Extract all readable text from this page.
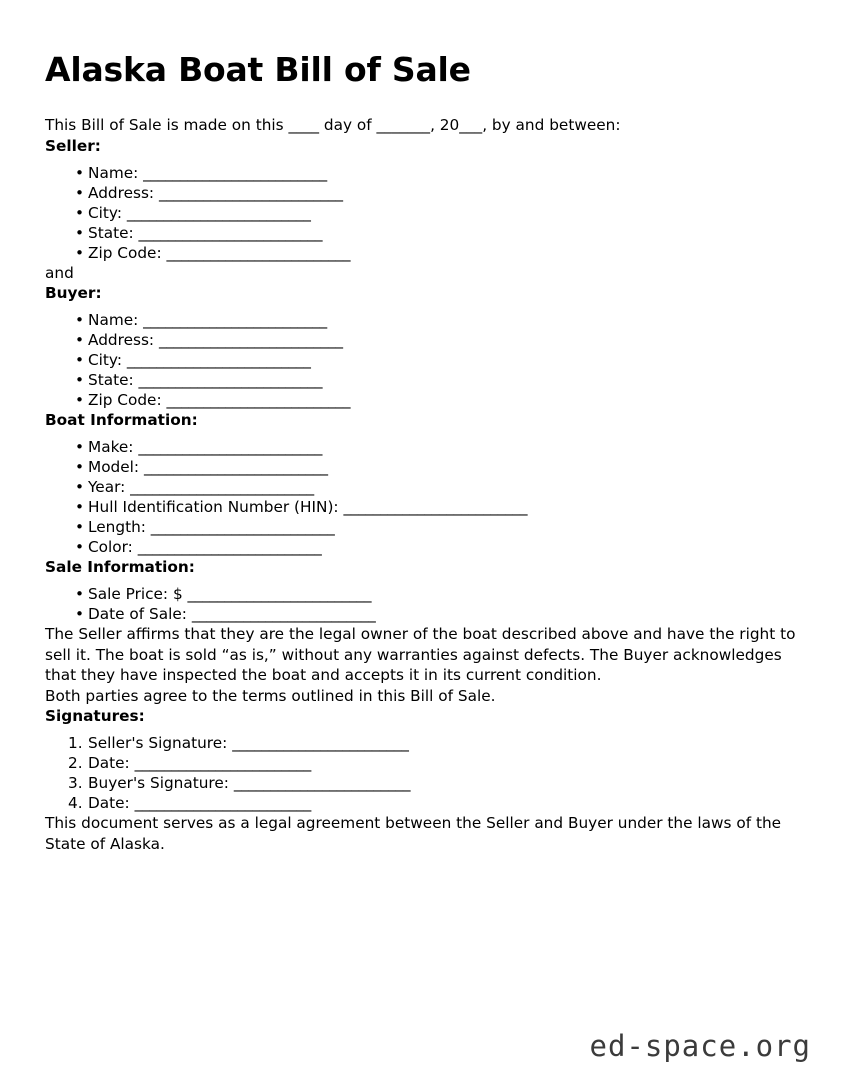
Alaska Boat Bill of Sale

This Bill of Sale is made on this ____ day of _______, 20___, by and between:

Seller:
• Name: _________________________
• Address: _________________________
• City: _________________________
• State: _________________________
• Zip Code: _________________________

and

Buyer:
• Name: _________________________
• Address: _________________________
• City: _________________________
• State: _________________________
• Zip Code: _________________________
Boat Information:
• Make: _________________________
• Model: _________________________
• Year: _________________________
• Hull Identification Number (HIN): _________________________
• Length: _________________________
• Color: _________________________
Sale Information:
• Sale Price: $ _________________________
• Date of Sale: _________________________

The Seller affirms that they are the legal owner of the boat described above and have the right to sell it. The boat is sold “as is,” without any warranties against defects. The Buyer acknowledges that they have inspected the boat and accepts it in its current condition.

Both parties agree to the terms outlined in this Bill of Sale.

Signatures:
1. Seller's Signature: ________________________
2. Date: ________________________
3. Buyer's Signature: ________________________
4. Date: ________________________

This document serves as a legal agreement between the Seller and Buyer under the laws of the State of Alaska.

ed-space.org
